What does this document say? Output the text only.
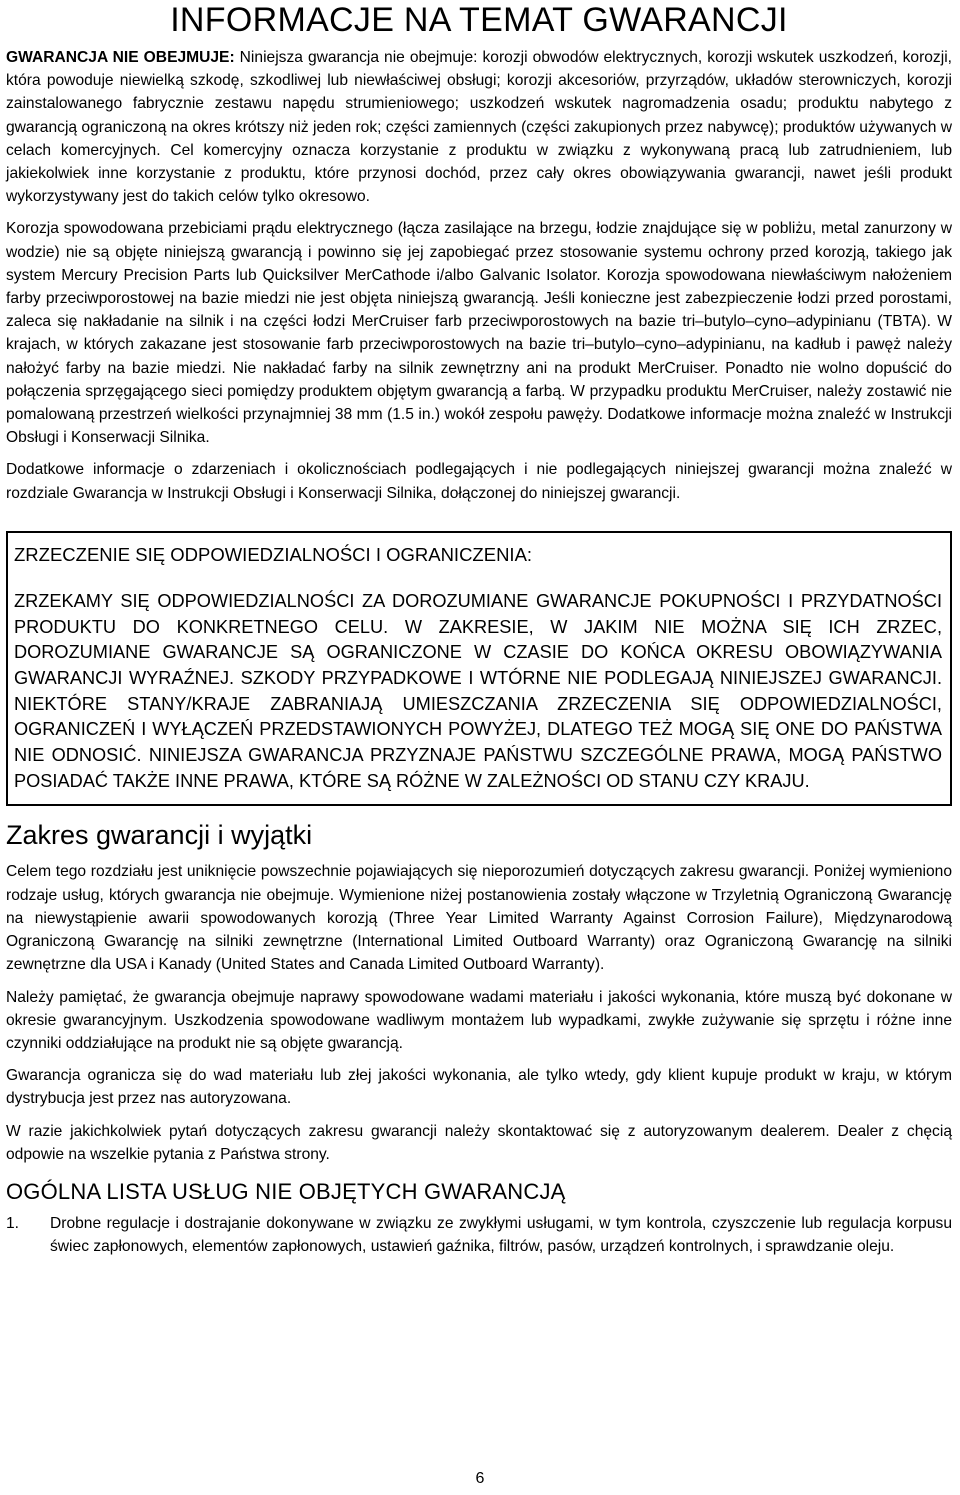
INFORMACJE NA TEMAT GWARANCJI

GWARANCJA NIE OBEJMUJE: Niniejsza gwarancja nie obejmuje: korozji obwodów elektrycznych, korozji wskutek uszkodzeń, korozji, która powoduje niewielką szkodę, szkodliwej lub niewłaściwej obsługi; korozji akcesoriów, przyrządów, układów sterowniczych, korozji zainstalowanego fabrycznie zestawu napędu strumieniowego; uszkodzeń wskutek nagromadzenia osadu; produktu nabytego z gwarancją ograniczoną na okres krótszy niż jeden rok; części zamiennych (części zakupionych przez nabywcę); produktów używanych w celach komercyjnych. Cel komercyjny oznacza korzystanie z produktu w związku z wykonywaną pracą lub zatrudnieniem, lub jakiekolwiek inne korzystanie z produktu, które przynosi dochód, przez cały okres obowiązywania gwarancji, nawet jeśli produkt wykorzystywany jest do takich celów tylko okresowo.

Korozja spowodowana przebiciami prądu elektrycznego (łącza zasilające na brzegu, łodzie znajdujące się w pobliżu, metal zanurzony w wodzie) nie są objęte niniejszą gwarancją i powinno się jej zapobiegać przez stosowanie systemu ochrony przed korozją, takiego jak system Mercury Precision Parts lub Quicksilver MerCathode i/albo Galvanic Isolator. Korozja spowodowana niewłaściwym nałożeniem farby przeciwporostowej na bazie miedzi nie jest objęta niniejszą gwarancją. Jeśli konieczne jest zabezpieczenie łodzi przed porostami, zaleca się nakładanie na silnik i na części łodzi MerCruiser farb przeciwporostowych na bazie tri–butylo–cyno–adypinianu (TBTA). W krajach, w których zakazane jest stosowanie farb przeciwporostowych na bazie tri–butylo–cyno–adypinianu, na kadłub i pawęż należy nałożyć farby na bazie miedzi. Nie nakładać farby na silnik zewnętrzny ani na produkt MerCruiser. Ponadto nie wolno dopuścić do połączenia sprzęgającego sieci pomiędzy produktem objętym gwarancją a farbą. W przypadku produktu MerCruiser, należy zostawić nie pomalowaną przestrzeń wielkości przynajmniej 38 mm (1.5 in.) wokół zespołu pawęży. Dodatkowe informacje można znaleźć w Instrukcji Obsługi i Konserwacji Silnika.

Dodatkowe informacje o zdarzeniach i okolicznościach podlegających i nie podlegających niniejszej gwarancji można znaleźć w rozdziale Gwarancja w Instrukcji Obsługi i Konserwacji Silnika, dołączonej do niniejszej gwarancji.

ZRZECZENIE SIĘ ODPOWIEDZIALNOŚCI I OGRANICZENIA:
ZRZEKAMY SIĘ ODPOWIEDZIALNOŚCI ZA DOROZUMIANE GWARANCJE POKUPNOŚCI I PRZYDATNOŚCI PRODUKTU DO KONKRETNEGO CELU. W ZAKRESIE, W JAKIM NIE MOŻNA SIĘ ICH ZRZEC, DOROZUMIANE GWARANCJE SĄ OGRANICZONE W CZASIE DO KOŃCA OKRESU OBOWIĄZYWANIA GWARANCJI WYRAŹNEJ. SZKODY PRZYPADKOWE I WTÓRNE NIE PODLEGAJĄ NINIEJSZEJ GWARANCJI. NIEKTÓRE STANY/KRAJE ZABRANIAJĄ UMIESZCZANIA ZRZECZENIA SIĘ ODPOWIEDZIALNOŚCI, OGRANICZEŃ I WYŁĄCZEŃ PRZEDSTAWIONYCH POWYŻEJ, DLATEGO TEŻ MOGĄ SIĘ ONE DO PAŃSTWA NIE ODNOSIĆ. NINIEJSZA GWARANCJA PRZYZNAJE PAŃSTWU SZCZEGÓLNE PRAWA, MOGĄ PAŃSTWO POSIADAĆ TAKŻE INNE PRAWA, KTÓRE SĄ RÓŻNE W ZALEŻNOŚCI OD STANU CZY KRAJU.
Zakres gwarancji i wyjątki

Celem tego rozdziału jest uniknięcie powszechnie pojawiających się nieporozumień dotyczących zakresu gwarancji. Poniżej wymieniono rodzaje usług, których gwarancja nie obejmuje. Wymienione niżej postanowienia zostały włączone w Trzyletnią Ograniczoną Gwarancję na niewystąpienie awarii spowodowanych korozją (Three Year Limited Warranty Against Corrosion Failure), Międzynarodową Ograniczoną Gwarancję na silniki zewnętrzne (International Limited Outboard Warranty) oraz Ograniczoną Gwarancję na silniki zewnętrzne dla USA i Kanady (United States and Canada Limited Outboard Warranty).

Należy pamiętać, że gwarancja obejmuje naprawy spowodowane wadami materiału i jakości wykonania, które muszą być dokonane w okresie gwarancyjnym. Uszkodzenia spowodowane wadliwym montażem lub wypadkami, zwykłe zużywanie się sprzętu i różne inne czynniki oddziałujące na produkt nie są objęte gwarancją.

Gwarancja ogranicza się do wad materiału lub złej jakości wykonania, ale tylko wtedy, gdy klient kupuje produkt w kraju, w którym dystrybucja jest przez nas autoryzowana.

W razie jakichkolwiek pytań dotyczących zakresu gwarancji należy skontaktować się z autoryzowanym dealerem. Dealer z chęcią odpowie na wszelkie pytania z Państwa strony.

OGÓLNA LISTA USŁUG NIE OBJĘTYCH GWARANCJĄ
1.	Drobne regulacje i dostrajanie dokonywane w związku ze zwykłymi usługami, w tym kontrola, czyszczenie lub regulacja korpusu świec zapłonowych, elementów zapłonowych, ustawień gaźnika, filtrów, pasów, urządzeń kontrolnych, i sprawdzanie oleju.
6
